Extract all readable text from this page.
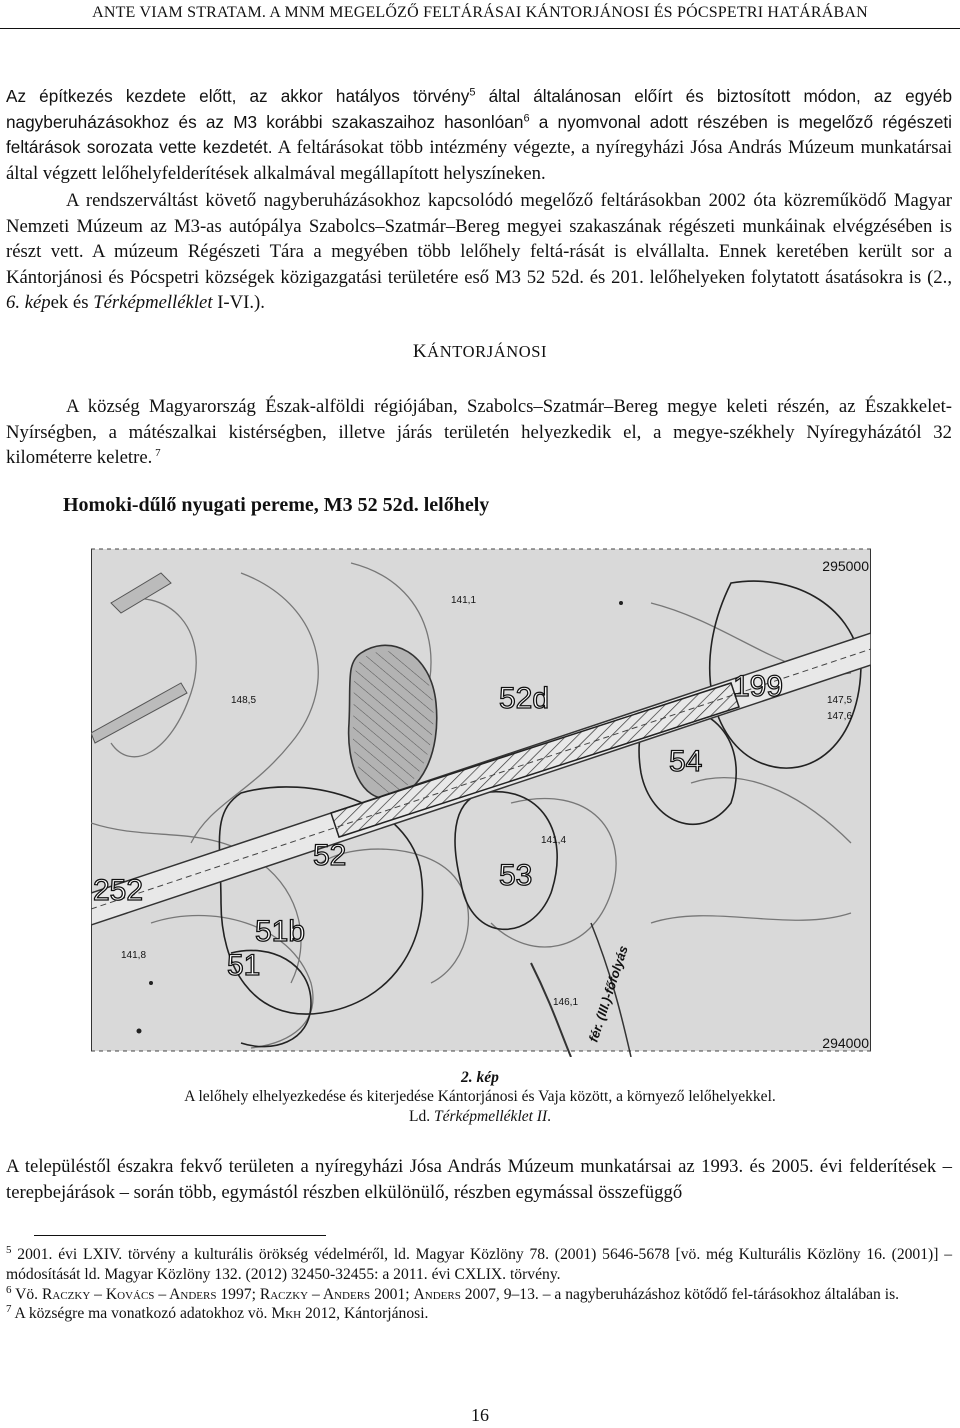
ANTE VIAM STRATAM. A MNM MEGELŐZŐ FELTÁRÁSAI KÁNTORJÁNOSI ÉS PÓCSPETRI HATÁRÁBAN

Az építkezés kezdete előtt, az akkor hatályos törvény$^5$ által általánosan előírt és biztosított módon, az egyéb nagyberuházásokhoz és az M3 korábbi szakaszaihoz hasonlóan$^6$ a nyomvonal adott részében is megelőző régészeti feltárások sorozata vette kezdetét. A feltárásokat több intézmény végezte, a nyíregyházi Jósa András Múzeum munkatársai által végzett lelőhelyfelderítések alkalmával megállapított helyszíneken.

A rendszerváltást követő nagyberuházásokhoz kapcsolódó megelőző feltárásokban 2002 óta közreműködő Magyar Nemzeti Múzeum az M3-as autópálya Szabolcs–Szatmár–Bereg megyei szakaszának régészeti munkáinak elvégzésében is részt vett. A múzeum Régészeti Tára a megyében több lelőhely feltá-rását is elvállalta. Ennek keretében került sor a Kántorjánosi és Pócspetri községek közigazgatási területére eső M3 52 52d. és 201. lelőhelyeken folytatott ásatásokra is (2., 6. képek és Térképmelléklet I-VI.).

KÁNTORJÁNOSI

A község Magyarország Észak-alföldi régiójában, Szabolcs–Szatmár–Bereg megye keleti részén, az Északkelet-Nyírségben, a mátészalkai kistérségben, illetve járás területén helyezkedik el, a megye-székhely Nyíregyházától 32 kilométerre keletre. $^7$

Homoki-dűlő nyugati pereme, M3 52 52d. lelőhely
295000
294000
52d	199
54
52
53
252
51b
51
141,1
148,5
141,8
147,5
147,6
141,4
146,1 fér. (III.)-főfolyás
2. kép
A lelőhely elhelyezkedése és kiterjedése Kántorjánosi és Vaja között, a környező lelőhelyekkel.
Ld. Térképmelléklet II.

A településtől északra fekvő területen a nyíregyházi Jósa András Múzeum munkatársai az 1993. és 2005. évi felderítések – terepbejárások – során több, egymástól részben elkülönülő, részben egymással összefüggő

$^5$ 2001. évi LXIV. törvény a kulturális örökség védelméről, ld. Magyar Közlöny 78. (2001) 5646-5678 [vö. még Kulturális Közlöny 16. (2001)] – módosítását ld. Magyar Közlöny 132. (2012) 32450-32455: a 2011. évi CXLIX. törvény.

$^6$ Vö. Raczky – Kovács – Anders 1997; Raczky – Anders 2001; Anders 2007, 9–13. – a nagyberuházáshoz kötődő fel-tárásokhoz általában is.

$^7$ A községre ma vonatkozó adatokhoz vö. Mkh 2012, Kántorjánosi.

16
